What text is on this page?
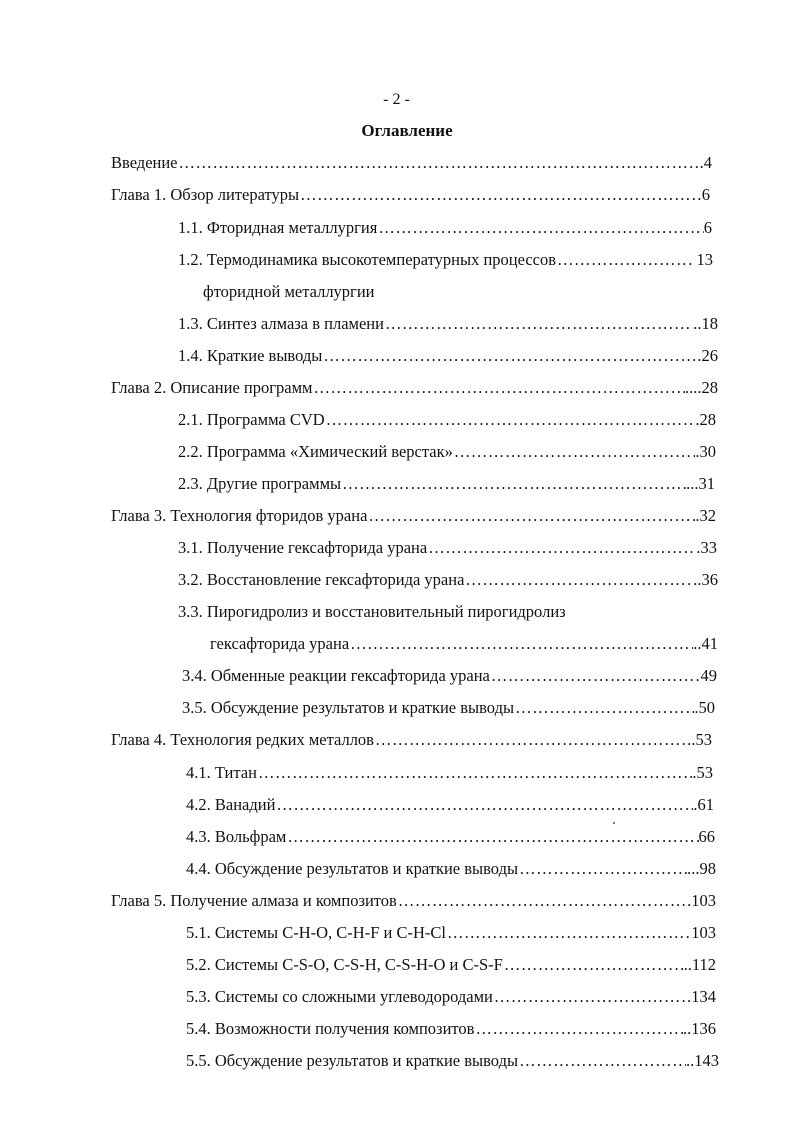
- 2 -
Оглавление
Введение ………………………………………………………………………………………………………………	.4
Глава 1. Обзор литературы ………………………………………………………………………………………………………………	6
1.1. Фторидная металлургия ………………………………………………………………………………………………………………	6
1.2. Термодинамика высокотемпературных процессов ………………………………………………………………………………………………………………	. 13
фторидной металлургии
1.3. Синтез алмаза в пламени ………………………………………………………………………………………………………………	..18
1.4. Краткие выводы ………………………………………………………………………………………………………………	.26
Глава 2. Описание программ ………………………………………………………………………………………………………………	....28
2.1. Программа CVD ………………………………………………………………………………………………………………	.28
2.2. Программа «Химический верстак» ………………………………………………………………………………………………………………	.30
2.3. Другие программы ………………………………………………………………………………………………………………	...31
Глава 3. Технология фторидов урана ………………………………………………………………………………………………………………	.32
3.1. Получение гексафторида урана ………………………………………………………………………………………………………………	.33
3.2. Восстановление гексафторида урана ………………………………………………………………………………………………………………	..36
3.3. Пирогидролиз и восстановительный пирогидролиз
гексафторида урана ………………………………………………………………………………………………………………	..41
3.4. Обменные реакции гексафторида урана ………………………………………………………………………………………………………………	49
3.5. Обсуждение результатов и краткие выводы ………………………………………………………………………………………………………………	.50
Глава 4. Технология редких металлов ………………………………………………………………………………………………………………	.53
4.1. Титан ………………………………………………………………………………………………………………	.53
4.2. Ванадий ………………………………………………………………………………………………………………	.61
4.3. Вольфрам ………………………………………………………………………………………………………………	66
4.4. Обсуждение результатов и краткие выводы ………………………………………………………………………………………………………………	...98
Глава 5. Получение алмаза и композитов ………………………………………………………………………………………………………………	.103
5.1. Системы С-Н-О, С-Н-F и С-Н-Cl ………………………………………………………………………………………………………………	103
5.2. Системы С-S-О, С-S-H, С-S-H-O и С-S-F ………………………………………………………………………………………………………………	..112
5.3. Системы со сложными углеводородами ………………………………………………………………………………………………………………	134
5.4. Возможности получения композитов ………………………………………………………………………………………………………………	..136
5.5. Обсуждение результатов и краткие выводы ………………………………………………………………………………………………………………	..143
